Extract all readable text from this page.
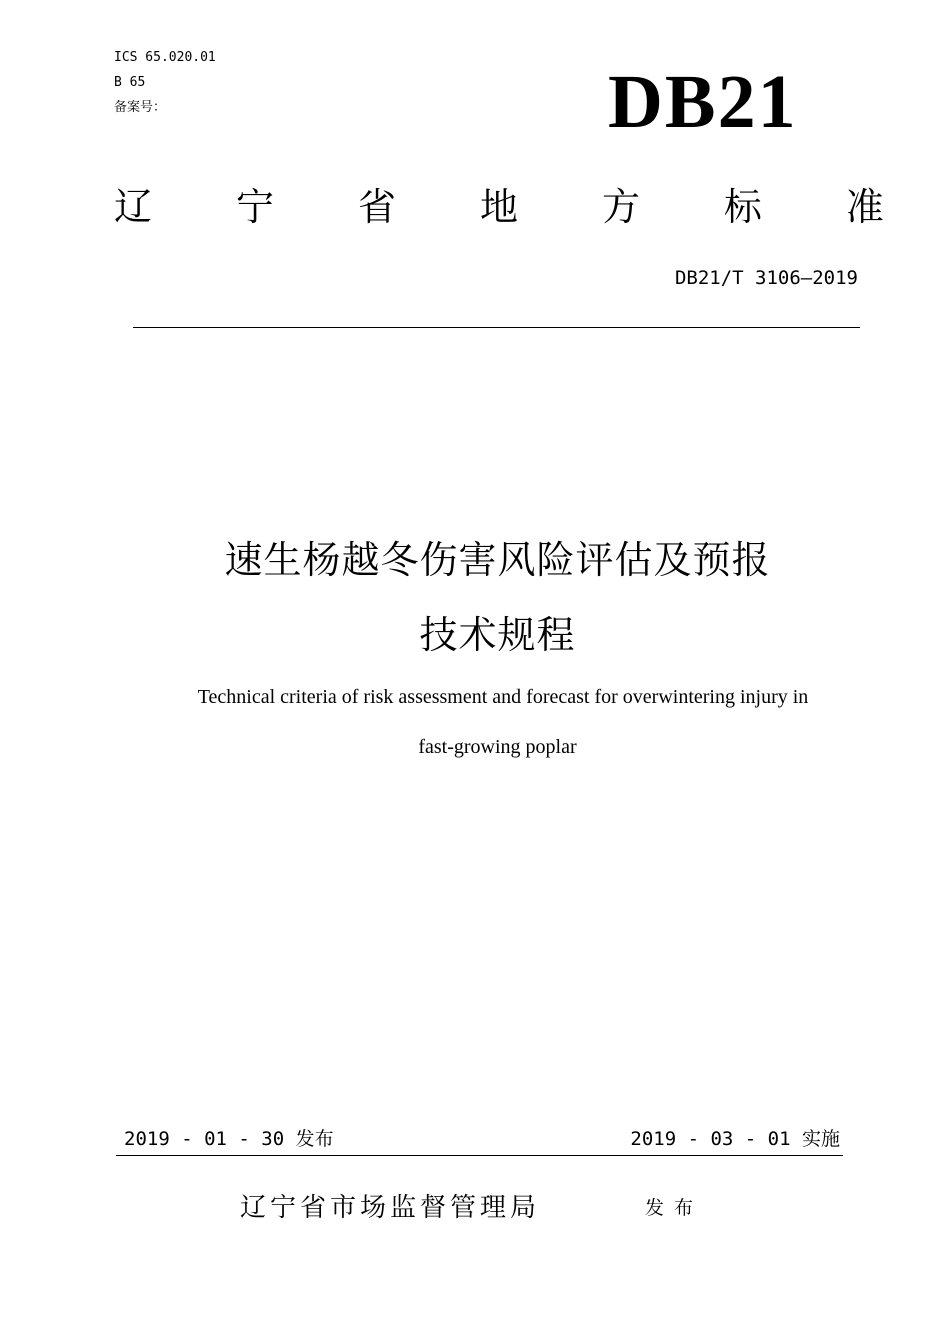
ICS 65.020.01
B 65
备案号：	DB21
辽 宁 省 地 方 标 准
DB21/T 3106—2019
速生杨越冬伤害风险评估及预报
技术规程
Technical criteria of risk assessment and forecast for overwintering injury in
fast-growing poplar
2019 - 01 - 30 发布	2019 - 03 - 01 实施
辽宁省市场监督管理局	发布
